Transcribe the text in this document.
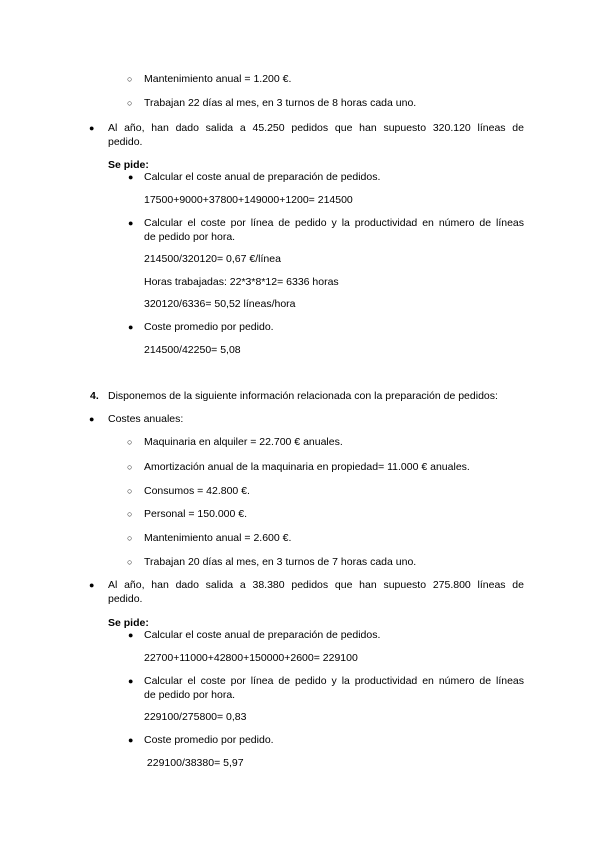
○ Mantenimiento anual = 1.200 €.
○ Trabajan 22 días al mes, en 3 turnos de 8 horas cada uno.
● Al año, han dado salida a 45.250 pedidos que han supuesto 320.120 líneas de
pedido.
Se pide:
● Calcular el coste anual de preparación de pedidos.
17500+9000+37800+149000+1200= 214500
● Calcular el coste por línea de pedido y la productividad en número de líneas
de pedido por hora.
214500/320120= 0,67 €/línea
Horas trabajadas: 22*3*8*12= 6336 horas
320120/6336= 50,52 líneas/hora
● Coste promedio por pedido.
214500/42250= 5,08
4. Disponemos de la siguiente información relacionada con la preparación de pedidos:
● Costes anuales:
○ Maquinaria en alquiler = 22.700 € anuales.
○ Amortización anual de la maquinaria en propiedad= 11.000 € anuales.
○ Consumos = 42.800 €.
○ Personal = 150.000 €.
○ Mantenimiento anual = 2.600 €.
○ Trabajan 20 días al mes, en 3 turnos de 7 horas cada uno.
● Al año, han dado salida a 38.380 pedidos que han supuesto 275.800 líneas de
pedido.
Se pide:
● Calcular el coste anual de preparación de pedidos.
22700+11000+42800+150000+2600= 229100
● Calcular el coste por línea de pedido y la productividad en número de líneas
de pedido por hora.
229100/275800= 0,83
● Coste promedio por pedido.
229100/38380= 5,97
